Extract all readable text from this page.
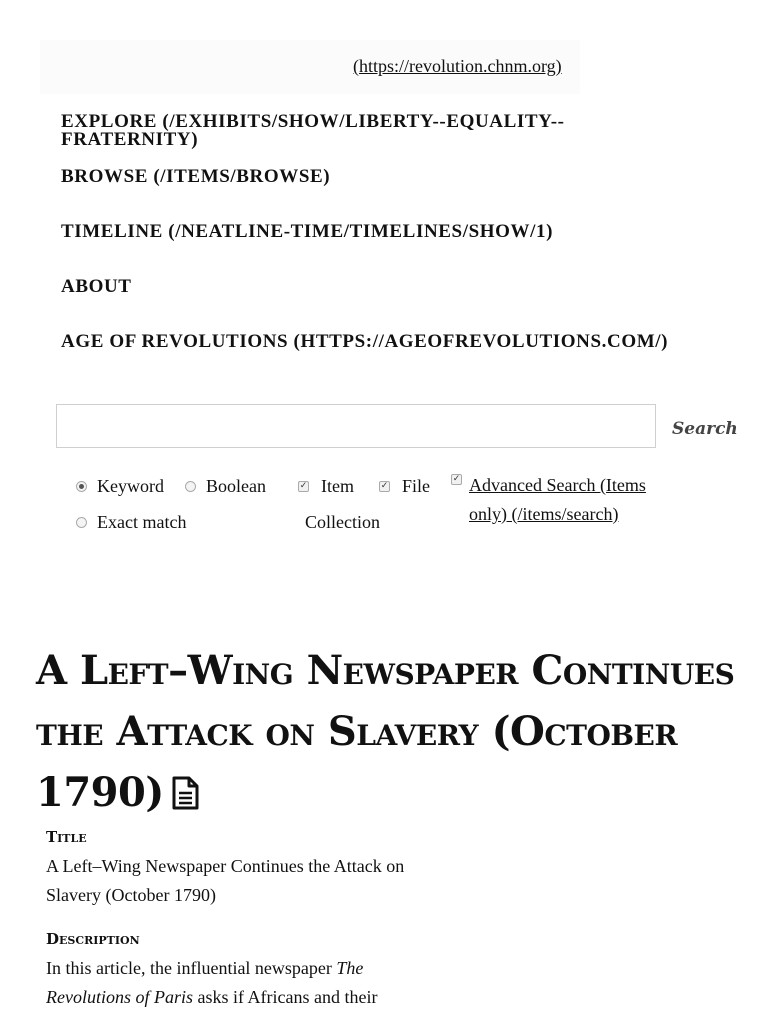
(https://revolution.chnm.org)
EXPLORE (/EXHIBITS/SHOW/LIBERTY--EQUALITY--FRATERNITY)
BROWSE (/ITEMS/BROWSE)
TIMELINE (/NEATLINE-TIME/TIMELINES/SHOW/1)
ABOUT
AGE OF REVOLUTIONS (HTTPS://AGEOFREVOLUTIONS.COM/)
Search
Keyword Boolean
Exact match
✓ Item
Collection
✓ File	✓ Advanced Search (Items only) (/items/search)
A Left–Wing Newspaper Continues the Attack on Slavery (October 1790)
Title
A Left–Wing Newspaper Continues the Attack on Slavery (October 1790)
Description
In this article, the influential newspaper The Revolutions of Paris asks if Africans and their
